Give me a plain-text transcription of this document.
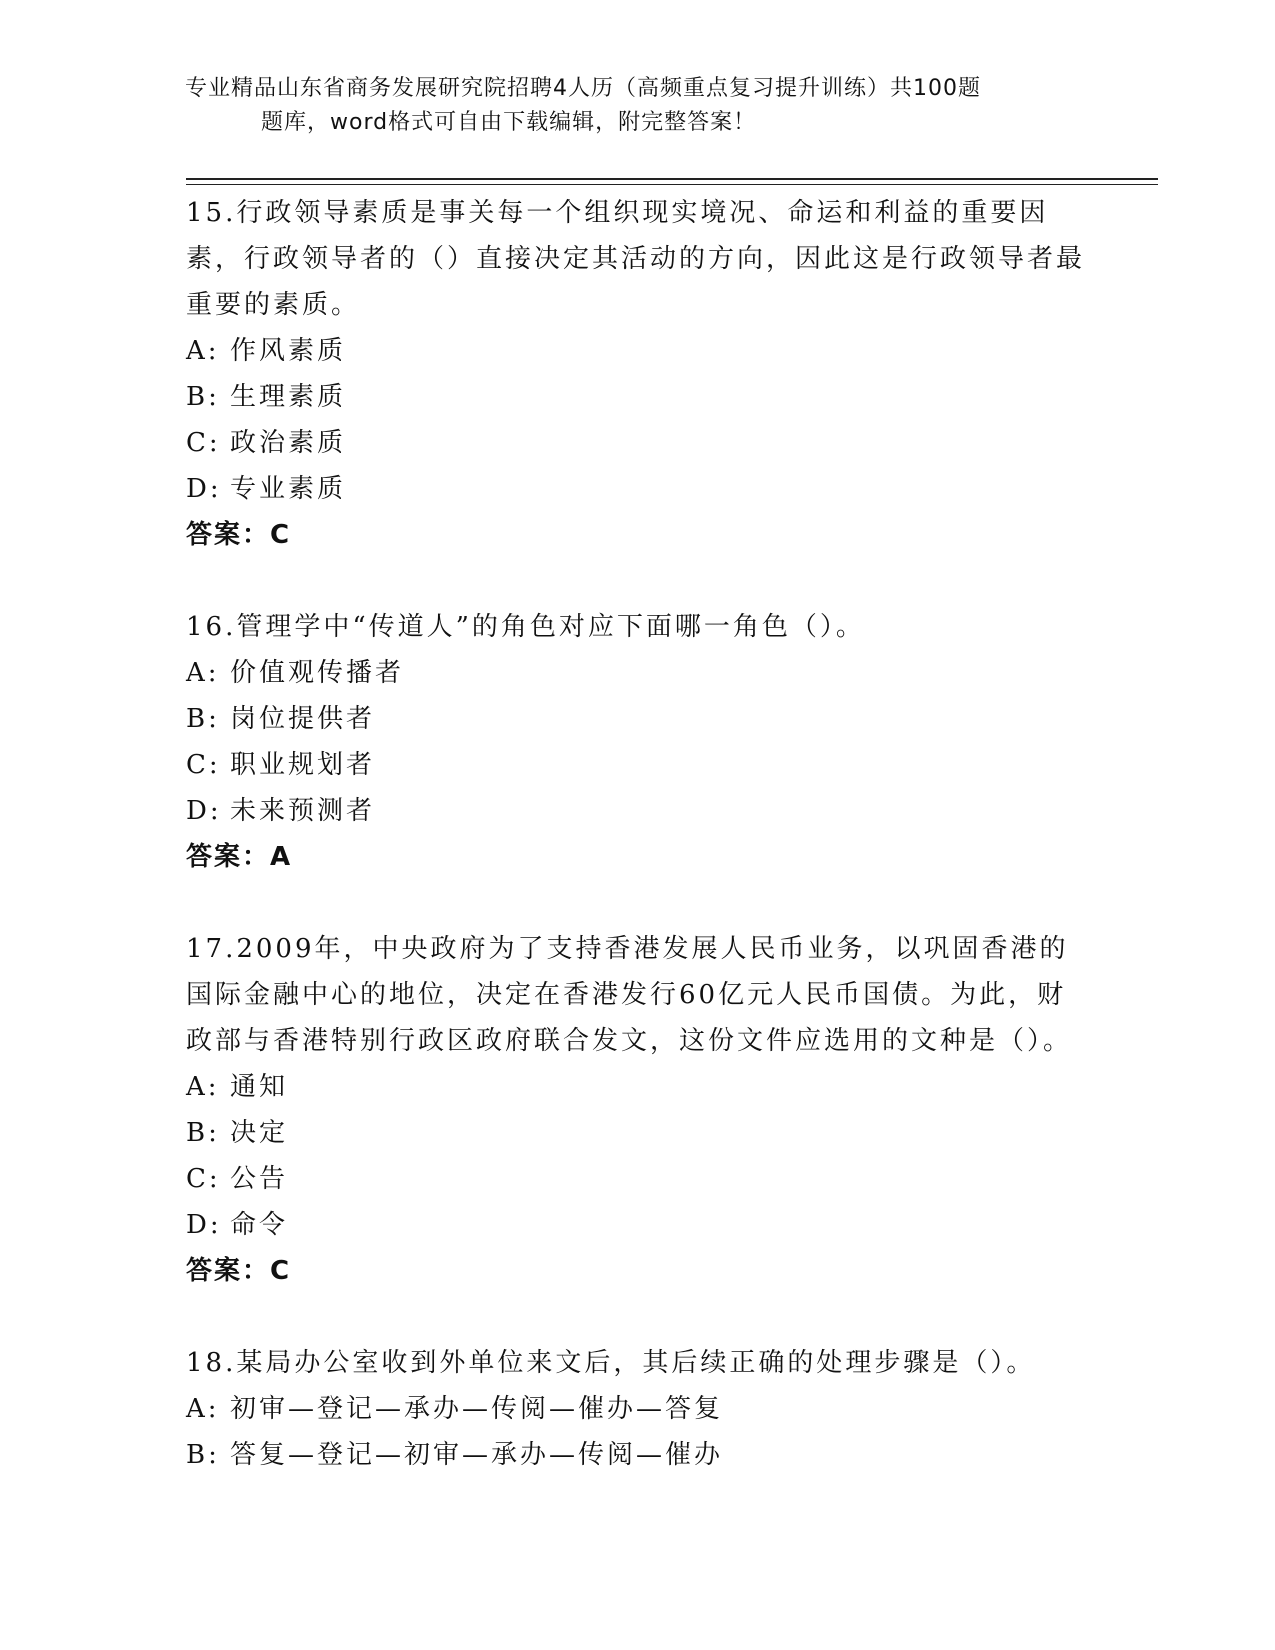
专业精品山东省商务发展研究院招聘4人历（高频重点复习提升训练）共100题
题库，word格式可自由下载编辑，附完整答案！

15.行政领导素质是事关每一个组织现实境况、命运和利益的重要因素，行政领导者的（）直接决定其活动的方向，因此这是行政领导者最重要的素质。

A: 作风素质

B: 生理素质

C: 政治素质

D: 专业素质

答案：C

16.管理学中“传道人”的角色对应下面哪一角色（）。

A: 价值观传播者

B: 岗位提供者

C: 职业规划者

D: 未来预测者

答案：A

17.2009年，中央政府为了支持香港发展人民币业务，以巩固香港的国际金融中心的地位，决定在香港发行60亿元人民币国债。为此，财政部与香港特别行政区政府联合发文，这份文件应选用的文种是（）。

A: 通知

B: 决定

C: 公告

D: 命令

答案：C

18.某局办公室收到外单位来文后，其后续正确的处理步骤是（）。

A: 初审—登记—承办—传阅—催办—答复

B: 答复—登记—初审—承办—传阅—催办
